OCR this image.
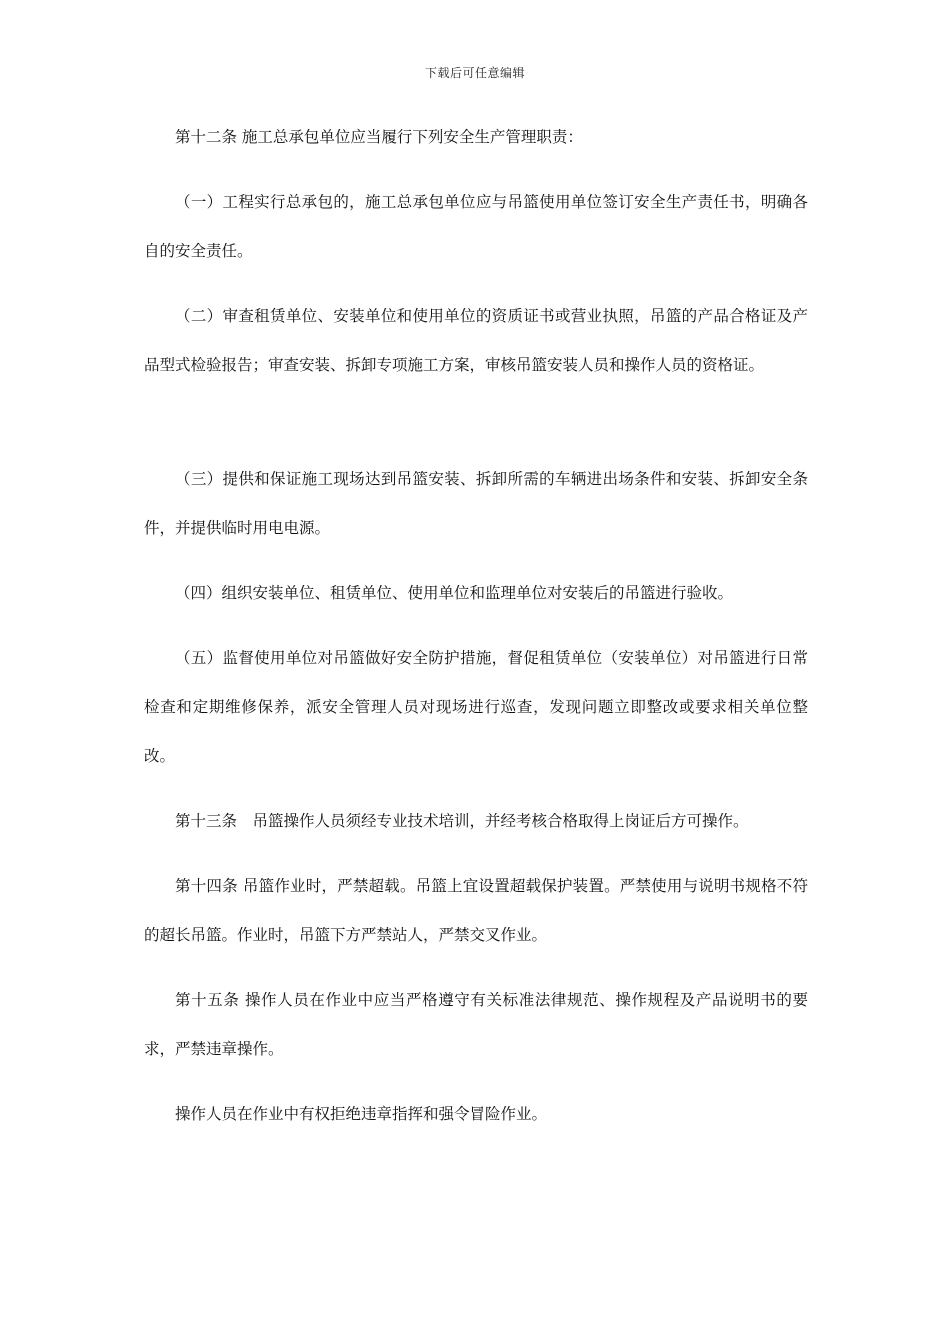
下载后可任意编辑

第十二条 施工总承包单位应当履行下列安全生产管理职责：

（一）工程实行总承包的，施工总承包单位应与吊篮使用单位签订安全生产责任书，明确各自的安全责任。

（二）审查租赁单位、安装单位和使用单位的资质证书或营业执照，吊篮的产品合格证及产品型式检验报告；审查安装、拆卸专项施工方案，审核吊篮安装人员和操作人员的资格证。

（三）提供和保证施工现场达到吊篮安装、拆卸所需的车辆进出场条件和安装、拆卸安全条件，并提供临时用电电源。

（四）组织安装单位、租赁单位、使用单位和监理单位对安装后的吊篮进行验收。

（五）监督使用单位对吊篮做好安全防护措施，督促租赁单位（安装单位）对吊篮进行日常检查和定期维修保养，派安全管理人员对现场进行巡查，发现问题立即整改或要求相关单位整改。

第十三条　吊篮操作人员须经专业技术培训，并经考核合格取得上岗证后方可操作。

第十四条 吊篮作业时，严禁超载。吊篮上宜设置超载保护装置。严禁使用与说明书规格不符的超长吊篮。作业时，吊篮下方严禁站人，严禁交叉作业。

第十五条 操作人员在作业中应当严格遵守有关标准法律规范、操作规程及产品说明书的要求，严禁违章操作。

操作人员在作业中有权拒绝违章指挥和强令冒险作业。
